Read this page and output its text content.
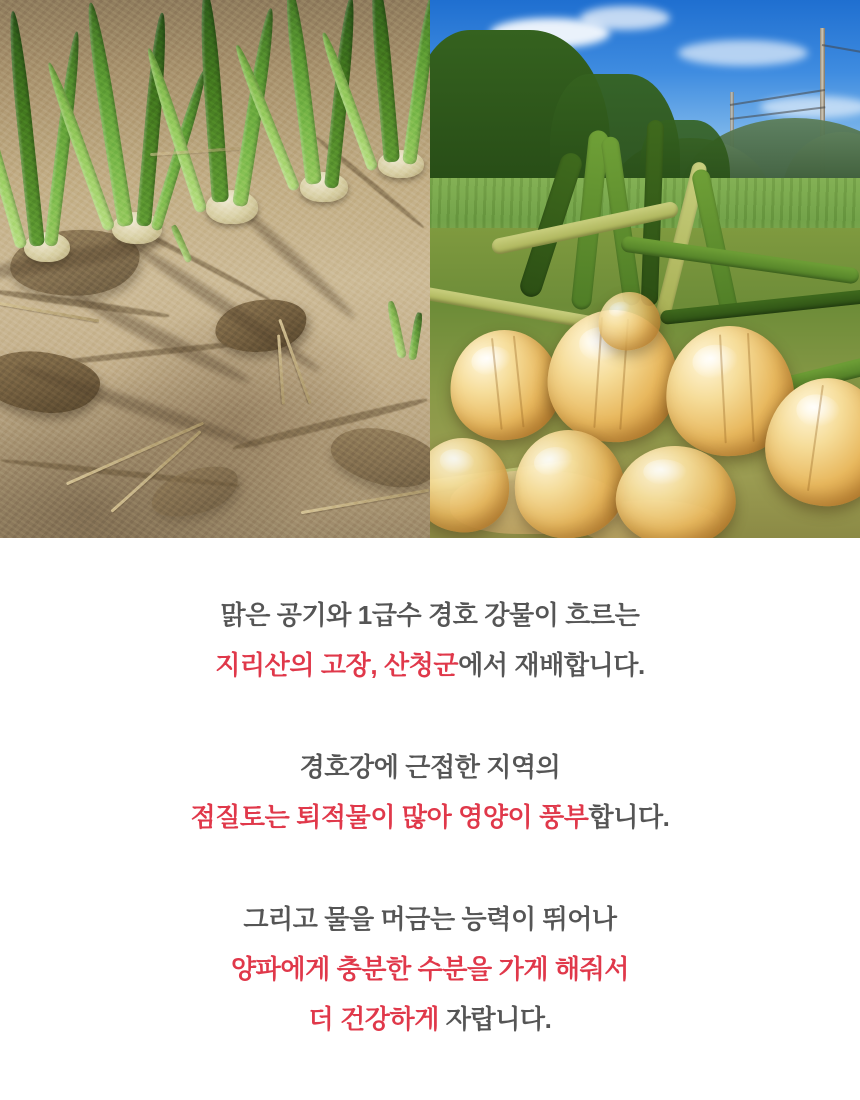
맑은 공기와 1급수 경호 강물이 흐르는
지리산의 고장, 산청군에서 재배합니다.
경호강에 근접한 지역의
점질토는 퇴적물이 많아 영양이 풍부합니다.
그리고 물을 머금는 능력이 뛰어나
양파에게 충분한 수분을 가게 해줘서
더 건강하게 자랍니다.
